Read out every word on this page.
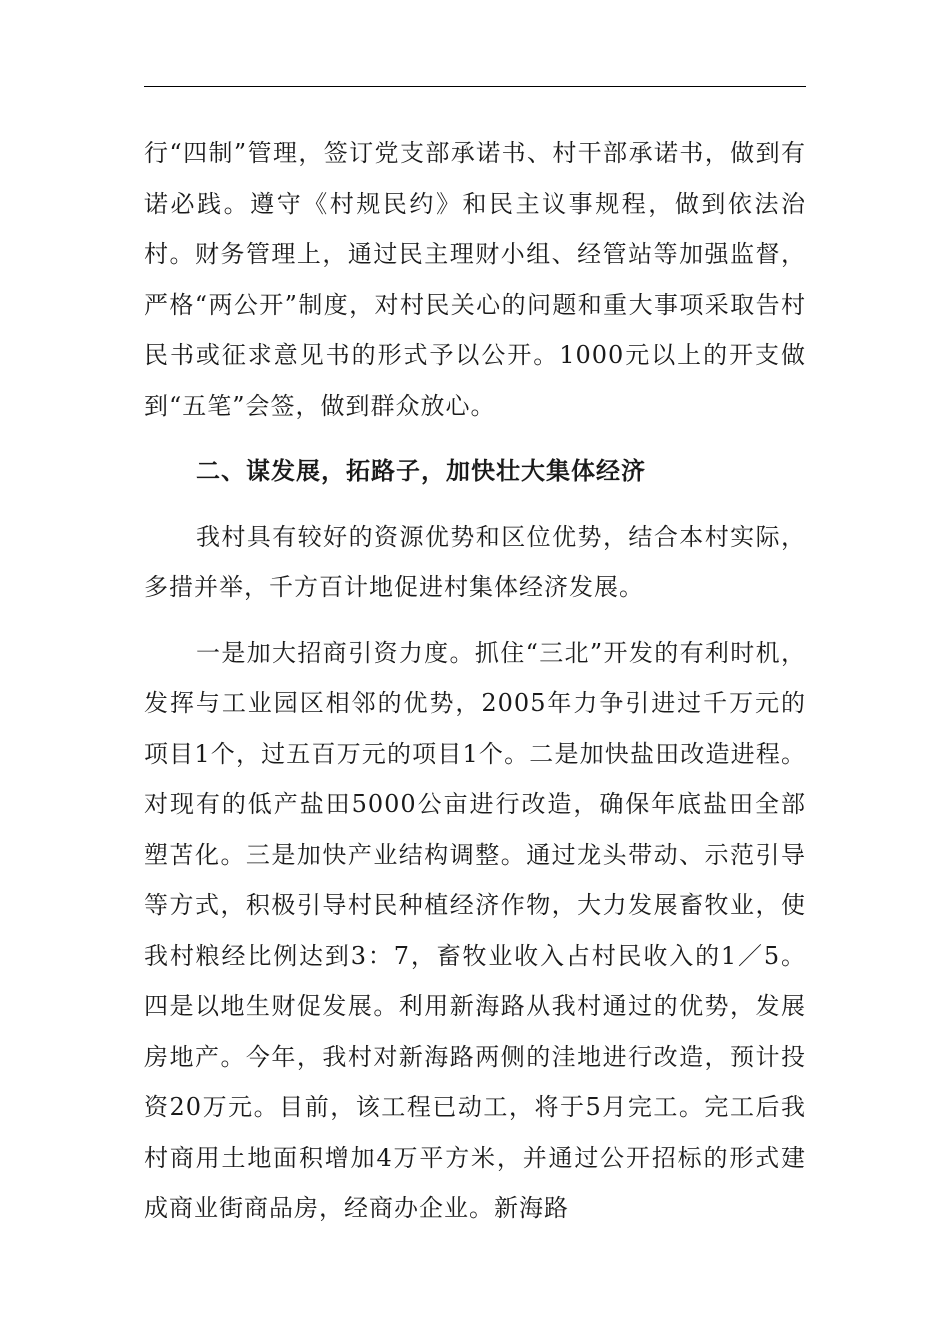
行“四制”管理，签订党支部承诺书、村干部承诺书，做到有诺必践。遵守《村规民约》和民主议事规程，做到依法治村。财务管理上，通过民主理财小组、经管站等加强监督，严格“两公开”制度，对村民关心的问题和重大事项采取告村民书或征求意见书的形式予以公开。1000元以上的开支做到“五笔”会签，做到群众放心。

二、谋发展，拓路子，加快壮大集体经济

我村具有较好的资源优势和区位优势，结合本村实际，多措并举，千方百计地促进村集体经济发展。

一是加大招商引资力度。抓住“三北”开发的有利时机，发挥与工业园区相邻的优势，2005年力争引进过千万元的项目1个，过五百万元的项目1个。二是加快盐田改造进程。对现有的低产盐田5000公亩进行改造，确保年底盐田全部塑苫化。三是加快产业结构调整。通过龙头带动、示范引导等方式，积极引导村民种植经济作物，大力发展畜牧业，使我村粮经比例达到3：7，畜牧业收入占村民收入的1／5。四是以地生财促发展。利用新海路从我村通过的优势，发展房地产。今年，我村对新海路两侧的洼地进行改造，预计投资20万元。目前，该工程已动工，将于5月完工。完工后我村商用土地面积增加4万平方米，并通过公开招标的形式建成商业街商品房，经商办企业。新海路
